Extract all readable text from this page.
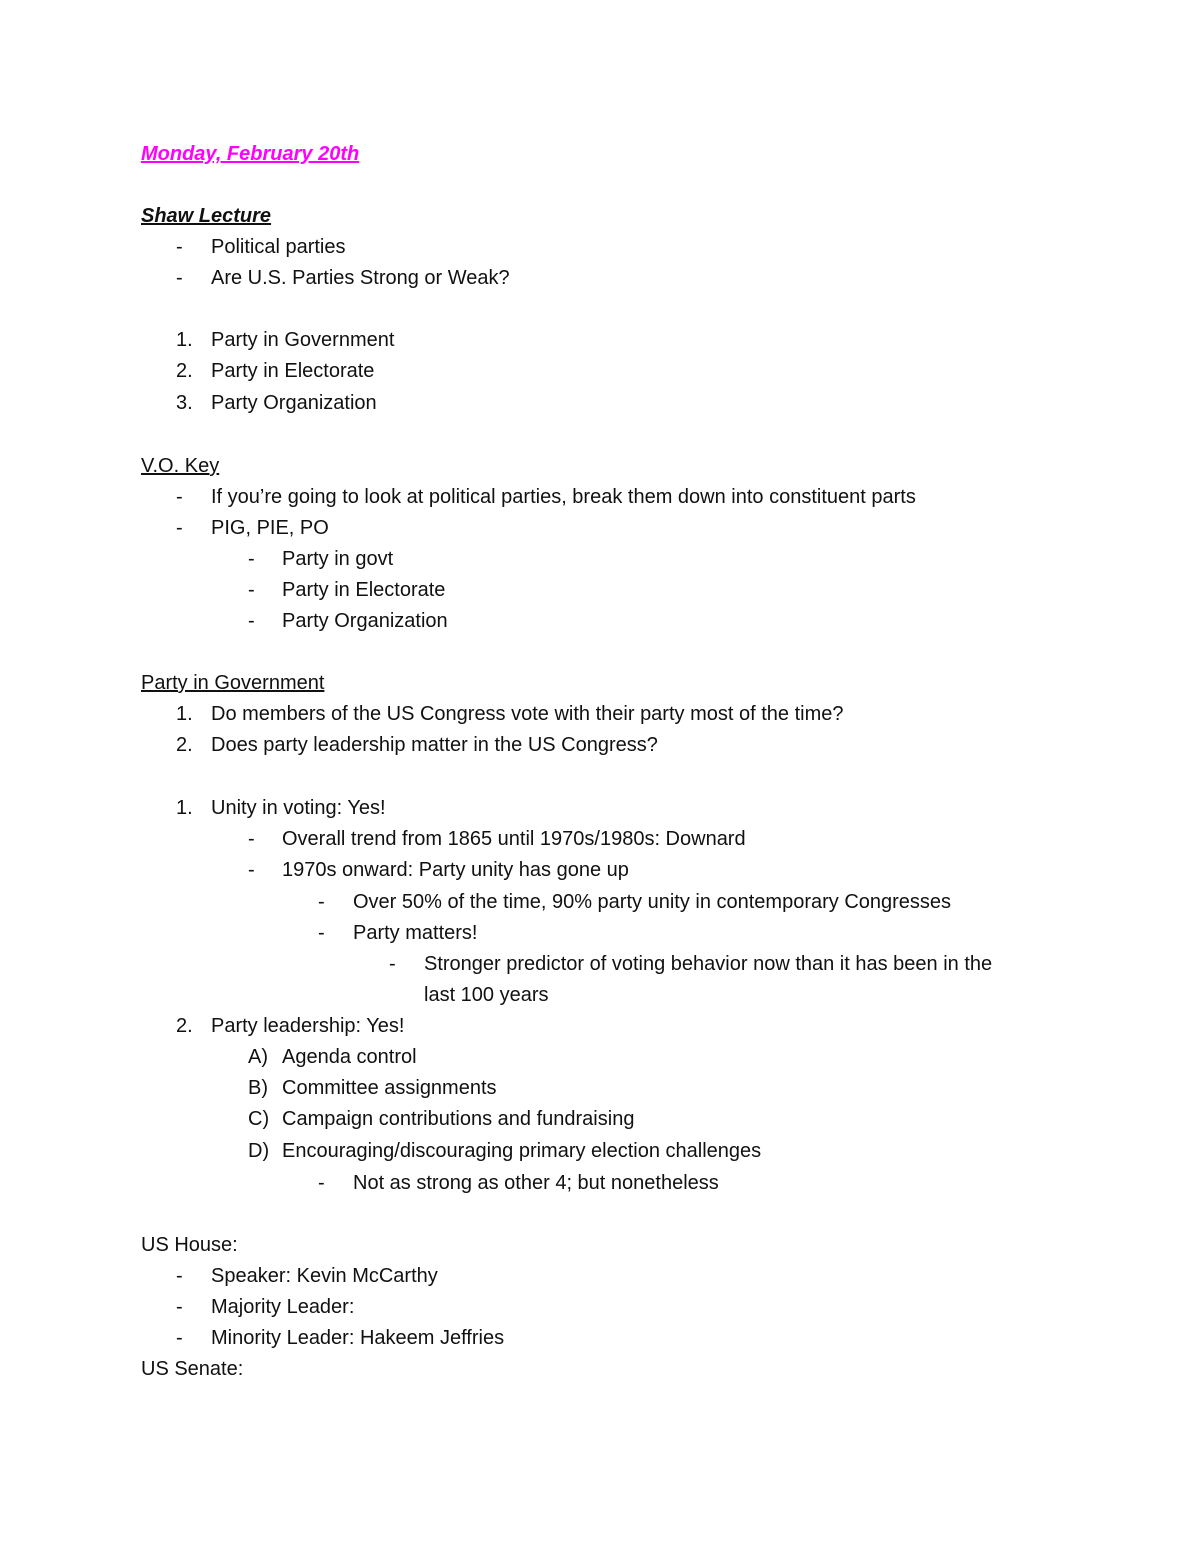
Monday, February 20th
Shaw Lecture
- Political parties
- Are U.S. Parties Strong or Weak?
1. Party in Government
2. Party in Electorate
3. Party Organization
V.O. Key
- If you’re going to look at political parties, break them down into constituent parts
- PIG, PIE, PO
- Party in govt
- Party in Electorate
- Party Organization
Party in Government
1. Do members of the US Congress vote with their party most of the time?
2. Does party leadership matter in the US Congress?
1. Unity in voting: Yes!
- Overall trend from 1865 until 1970s/1980s: Downard
- 1970s onward: Party unity has gone up
- Over 50% of the time, 90% party unity in contemporary Congresses
- Party matters!
- Stronger predictor of voting behavior now than it has been in the
last 100 years
2. Party leadership: Yes!
A) Agenda control
B) Committee assignments
C) Campaign contributions and fundraising
D) Encouraging/discouraging primary election challenges
- Not as strong as other 4; but nonetheless
US House:
- Speaker: Kevin McCarthy
- Majority Leader:
- Minority Leader: Hakeem Jeffries
US Senate:
